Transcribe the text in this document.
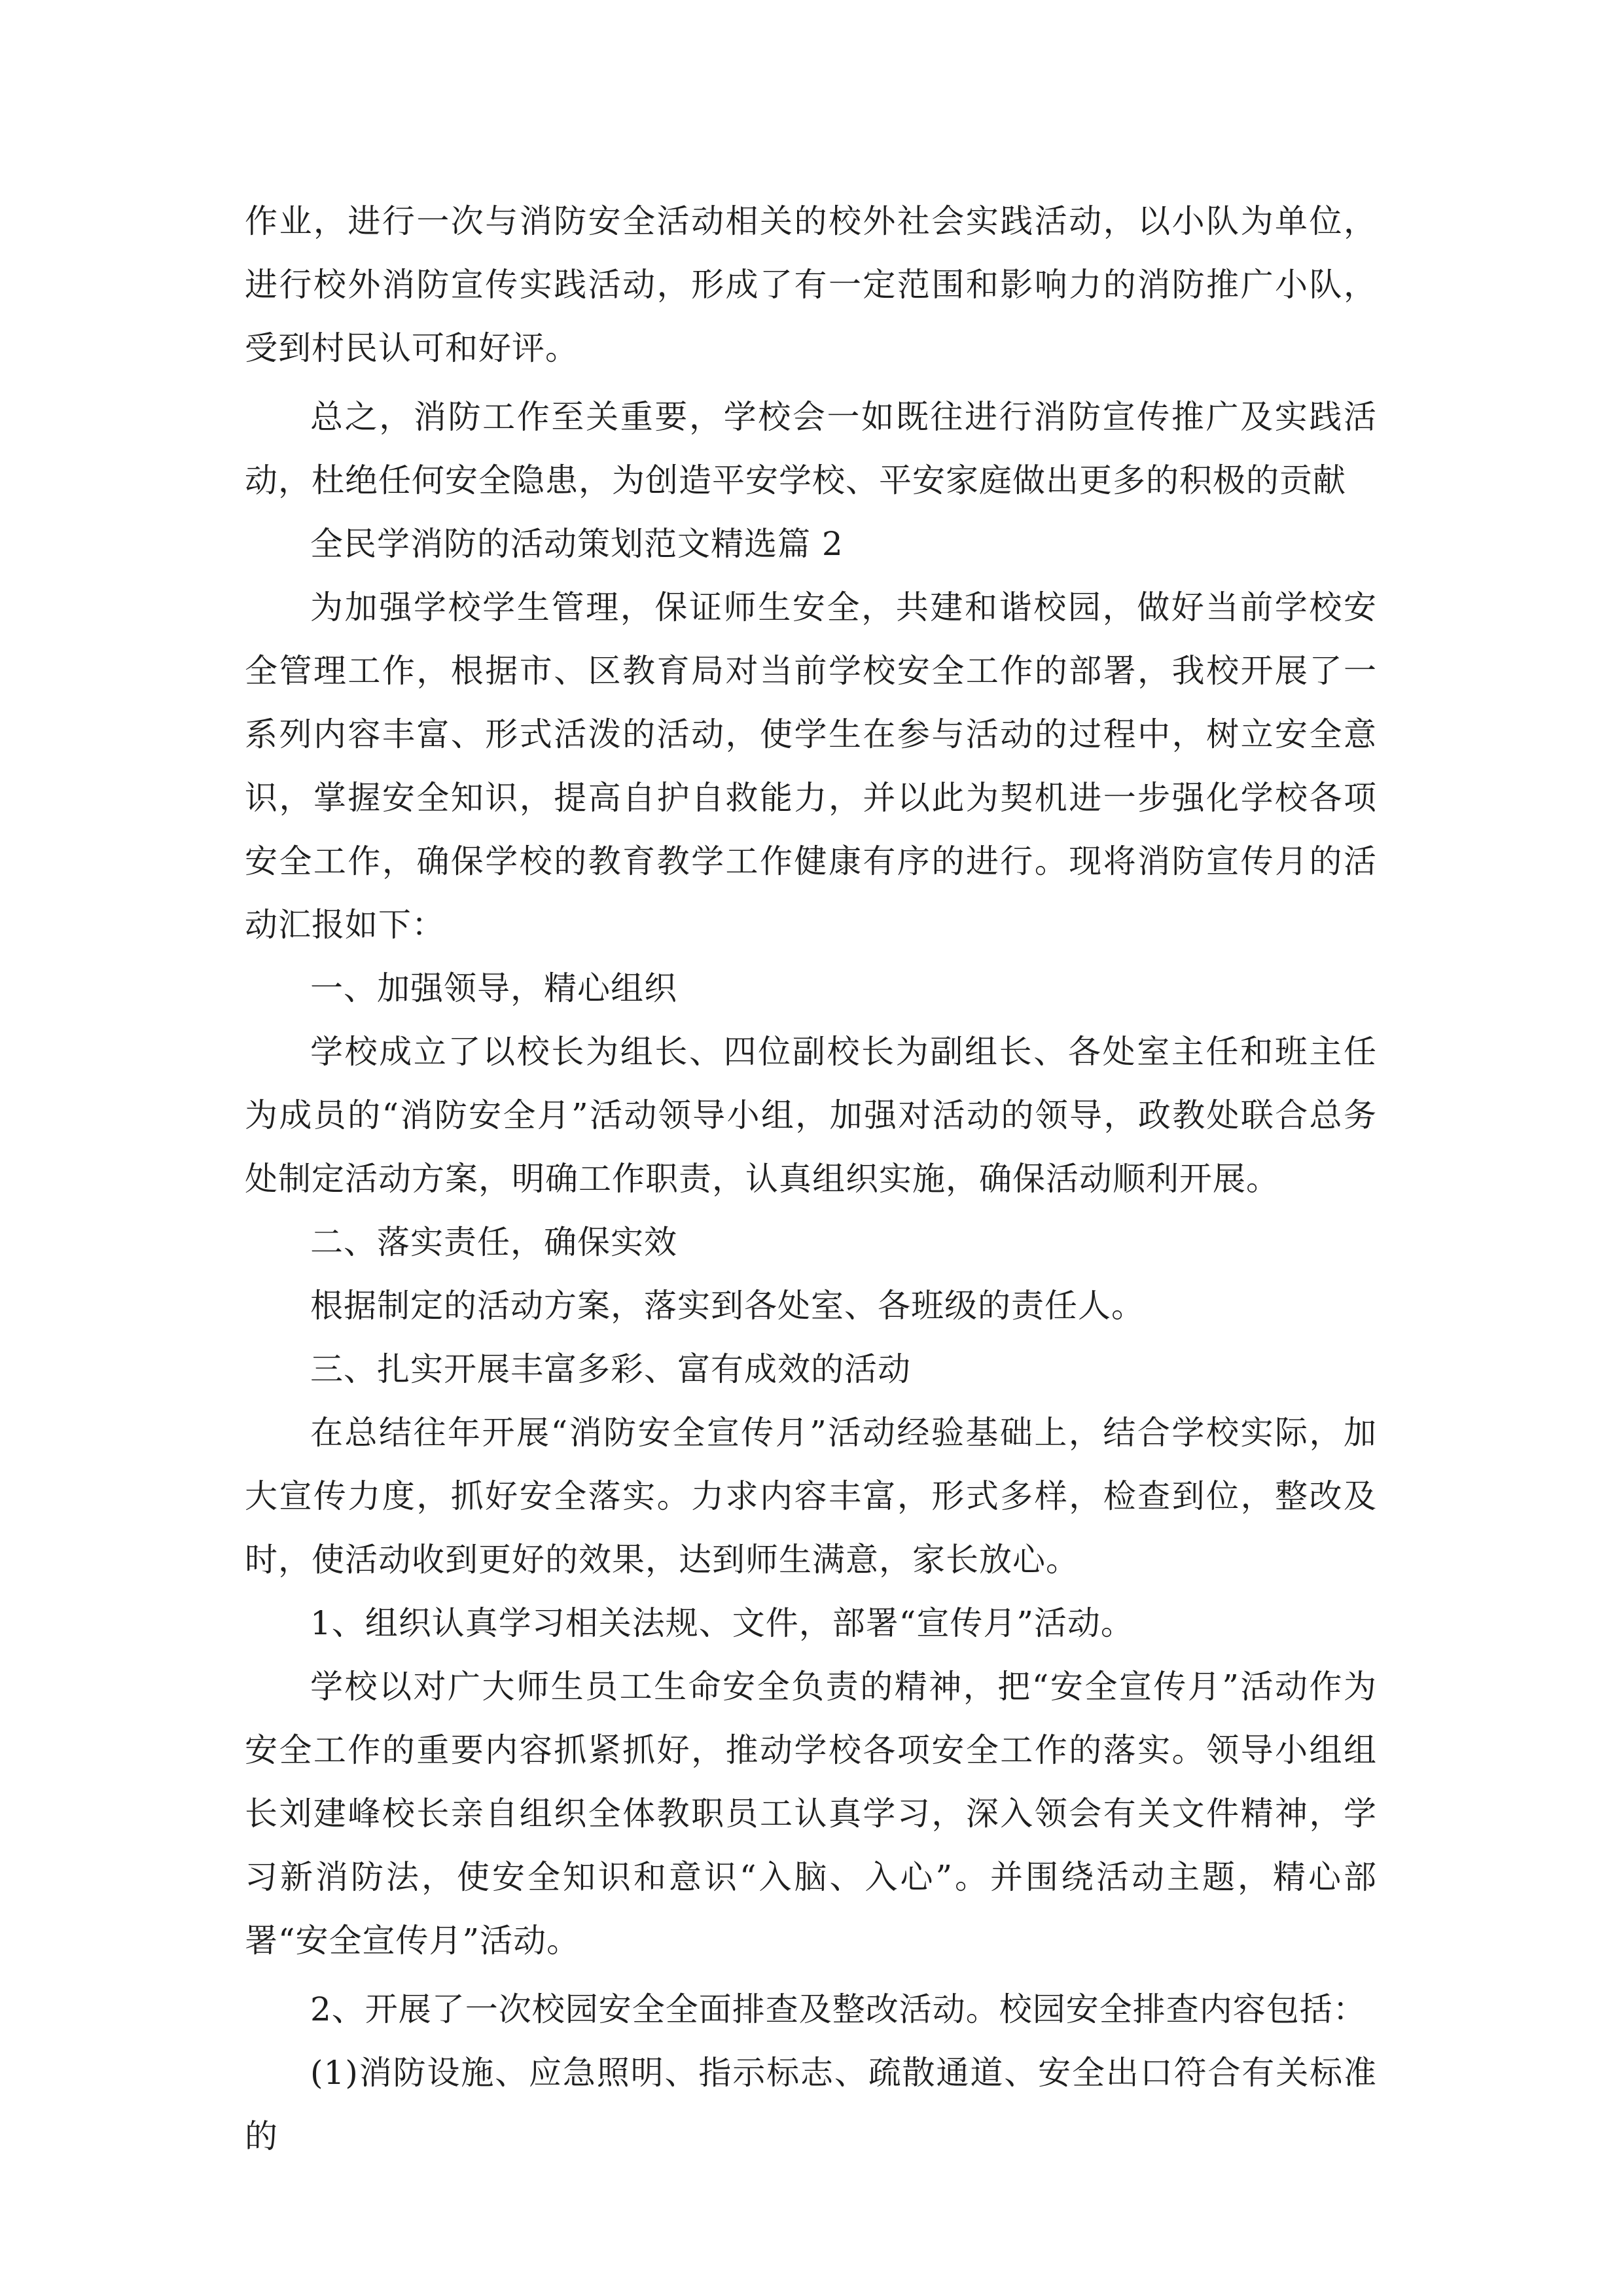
作业，进行一次与消防安全活动相关的校外社会实践活动，以小队为单位，进行校外消防宣传实践活动，形成了有一定范围和影响力的消防推广小队，受到村民认可和好评。

总之，消防工作至关重要，学校会一如既往进行消防宣传推广及实践活动，杜绝任何安全隐患，为创造平安学校、平安家庭做出更多的积极的贡献

全民学消防的活动策划范文精选篇 2

为加强学校学生管理，保证师生安全，共建和谐校园，做好当前学校安全管理工作，根据市、区教育局对当前学校安全工作的部署，我校开展了一系列内容丰富、形式活泼的活动，使学生在参与活动的过程中，树立安全意识，掌握安全知识，提高自护自救能力，并以此为契机进一步强化学校各项安全工作，确保学校的教育教学工作健康有序的进行。现将消防宣传月的活动汇报如下：

一、加强领导，精心组织

学校成立了以校长为组长、四位副校长为副组长、各处室主任和班主任为成员的“消防安全月”活动领导小组，加强对活动的领导，政教处联合总务处制定活动方案，明确工作职责，认真组织实施，确保活动顺利开展。

二、落实责任，确保实效

根据制定的活动方案，落实到各处室、各班级的责任人。

三、扎实开展丰富多彩、富有成效的活动

在总结往年开展“消防安全宣传月”活动经验基础上，结合学校实际，加大宣传力度，抓好安全落实。力求内容丰富，形式多样，检查到位，整改及时，使活动收到更好的效果，达到师生满意，家长放心。

1、组织认真学习相关法规、文件，部署“宣传月”活动。

学校以对广大师生员工生命安全负责的精神，把“安全宣传月”活动作为安全工作的重要内容抓紧抓好，推动学校各项安全工作的落实。领导小组组长刘建峰校长亲自组织全体教职员工认真学习，深入领会有关文件精神，学习新消防法，使安全知识和意识“入脑、入心”。并围绕活动主题，精心部署“安全宣传月”活动。

2、开展了一次校园安全全面排查及整改活动。校园安全排查内容包括：

(1)消防设施、应急照明、指示标志、疏散通道、安全出口符合有关标准的
